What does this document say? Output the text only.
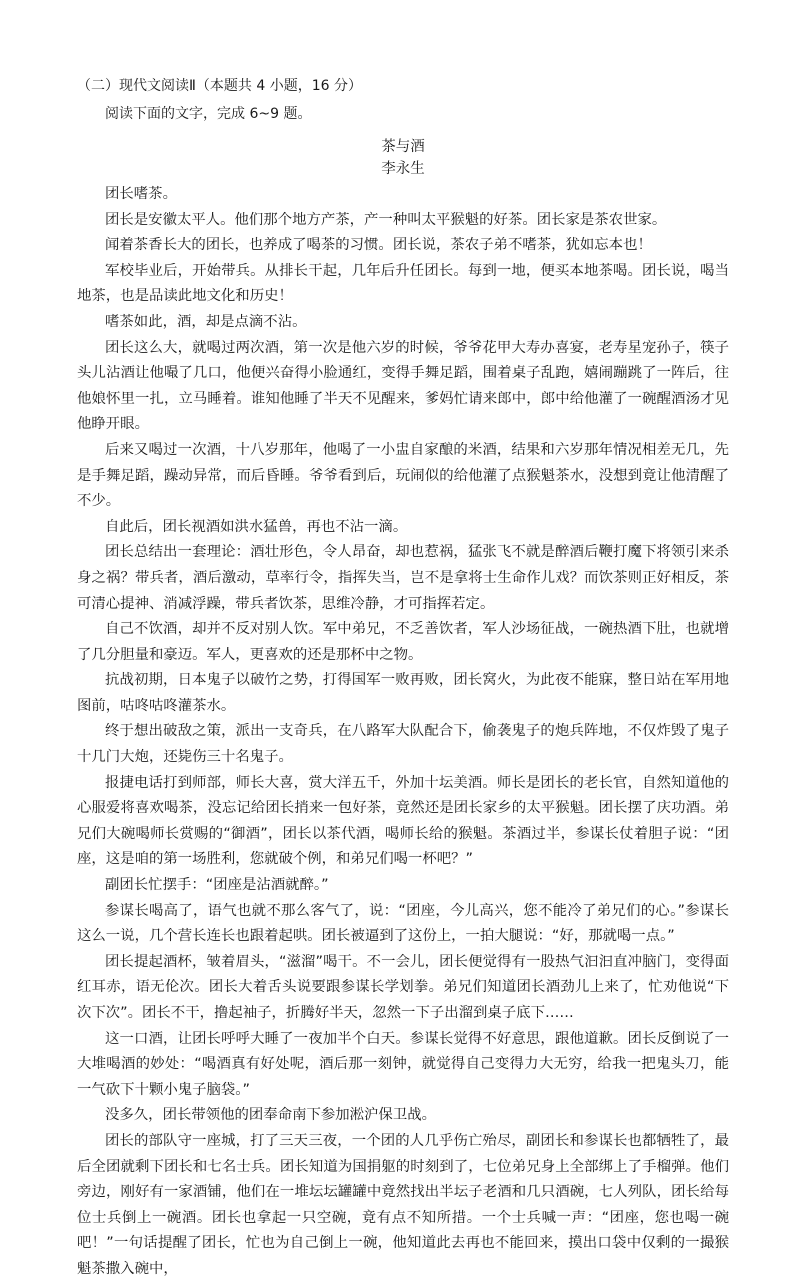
（二）现代文阅读Ⅱ（本题共 4 小题，16 分）

阅读下面的文字，完成 6~9 题。

茶与酒

李永生

团长嗜茶。

团长是安徽太平人。他们那个地方产茶，产一种叫太平猴魁的好茶。团长家是茶农世家。

闻着茶香长大的团长，也养成了喝茶的习惯。团长说，茶农子弟不嗜茶，犹如忘本也！

军校毕业后，开始带兵。从排长干起，几年后升任团长。每到一地，便买本地茶喝。团长说，喝当地茶，也是品读此地文化和历史！

嗜茶如此，酒，却是点滴不沾。

团长这么大，就喝过两次酒，第一次是他六岁的时候，爷爷花甲大寿办喜宴，老寿星宠孙子，筷子头儿沾酒让他嘬了几口，他便兴奋得小脸通红，变得手舞足蹈，围着桌子乱跑，嬉闹蹦跳了一阵后，往他娘怀里一扎，立马睡着。谁知他睡了半天不见醒来，爹妈忙请来郎中，郎中给他灌了一碗醒酒汤才见他睁开眼。

后来又喝过一次酒，十八岁那年，他喝了一小盅自家酿的米酒，结果和六岁那年情况相差无几，先是手舞足蹈，躁动异常，而后昏睡。爷爷看到后，玩闹似的给他灌了点猴魁茶水，没想到竟让他清醒了不少。

自此后，团长视酒如洪水猛兽，再也不沾一滴。

团长总结出一套理论：酒壮形色，令人昂奋，却也惹祸，猛张飞不就是醉酒后鞭打魔下将领引来杀身之祸？带兵者，酒后激动，草率行令，指挥失当，岂不是拿将士生命作儿戏？而饮茶则正好相反，茶可清心提神、消减浮躁，带兵者饮茶，思维冷静，才可指挥若定。

自己不饮酒，却并不反对别人饮。军中弟兄，不乏善饮者，军人沙场征战，一碗热酒下肚，也就增了几分胆量和豪迈。军人，更喜欢的还是那杯中之物。

抗战初期，日本鬼子以破竹之势，打得国军一败再败，团长窝火，为此夜不能寐，整日站在军用地图前，咕咚咕咚灌茶水。

终于想出破敌之策，派出一支奇兵，在八路军大队配合下，偷袭鬼子的炮兵阵地，不仅炸毁了鬼子十几门大炮，还毙伤三十名鬼子。

报捷电话打到师部，师长大喜，赏大洋五千，外加十坛美酒。师长是团长的老长官，自然知道他的心服爱将喜欢喝茶，没忘记给团长捎来一包好茶，竟然还是团长家乡的太平猴魁。团长摆了庆功酒。弟兄们大碗喝师长赏赐的“御酒”，团长以茶代酒，喝师长给的猴魁。茶酒过半，参谋长仗着胆子说：“团座，这是咱的第一场胜利，您就破个例，和弟兄们喝一杯吧？”

副团长忙摆手：“团座是沾酒就醉。”

参谋长喝高了，语气也就不那么客气了，说：“团座，今儿高兴，您不能冷了弟兄们的心。”参谋长这么一说，几个营长连长也跟着起哄。团长被逼到了这份上，一拍大腿说：“好，那就喝一点。”

团长提起酒杯，皱着眉头，“滋溜”喝干。不一会儿，团长便觉得有一股热气汩汩直冲脑门，变得面红耳赤，语无伦次。团长大着舌头说要跟参谋长学划拳。弟兄们知道团长酒劲儿上来了，忙劝他说“下次下次”。团长不干，撸起袖子，折腾好半天，忽然一下子出溜到桌子底下……

这一口酒，让团长呼呼大睡了一夜加半个白天。参谋长觉得不好意思，跟他道歉。团长反倒说了一大堆喝酒的妙处：“喝酒真有好处呢，酒后那一刻钟，就觉得自己变得力大无穷，给我一把鬼头刀，能一气砍下十颗小鬼子脑袋。”

没多久，团长带领他的团奉命南下参加淞沪保卫战。

团长的部队守一座城，打了三天三夜，一个团的人几乎伤亡殆尽，副团长和参谋长也都牺牲了，最后全团就剩下团长和七名士兵。团长知道为国捐躯的时刻到了，七位弟兄身上全部绑上了手榴弹。他们旁边，刚好有一家酒铺，他们在一堆坛坛罐罐中竟然找出半坛子老酒和几只酒碗，七人列队，团长给每位士兵倒上一碗酒。团长也拿起一只空碗，竟有点不知所措。一个士兵喊一声：“团座，您也喝一碗吧！”一句话提醒了团长，忙也为自己倒上一碗，他知道此去再也不能回来，摸出口袋中仅剩的一撮猴魁茶撒入碗中，
